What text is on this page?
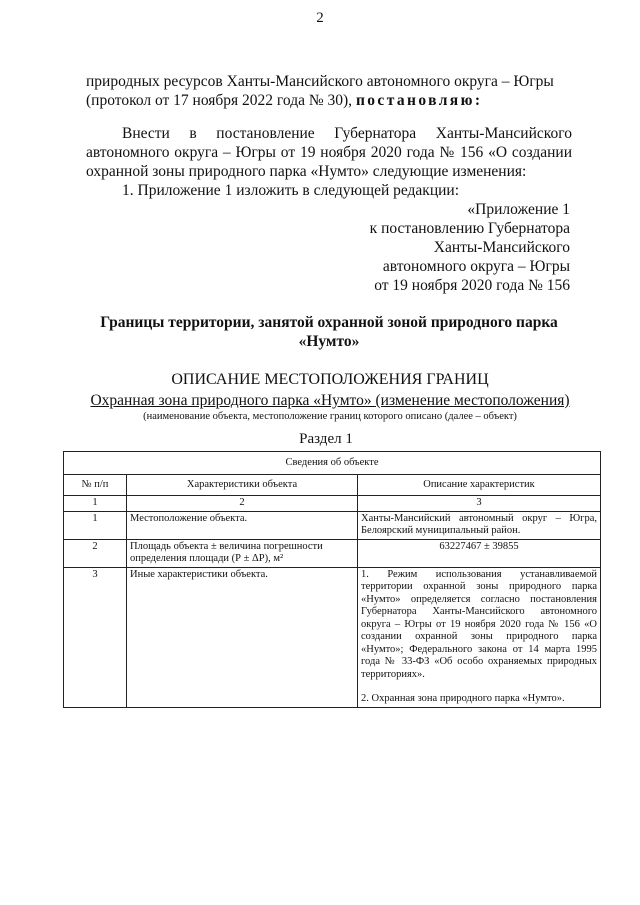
2

природных ресурсов Ханты-Мансийского автономного округа – Югры
(протокол от 17 ноября 2022 года № 30), постановляю:

Внести в постановление Губернатора Ханты-Мансийского автономного округа – Югры от 19 ноября 2020 года № 156 «О создании охранной зоны природного парка «Нумто» следующие изменения:

1. Приложение 1 изложить в следующей редакции:

«Приложение 1
к постановлению Губернатора
Ханты-Мансийского
автономного округа – Югры
от 19 ноября 2020 года № 156
Границы территории, занятой охранной зоной природного парка
«Нумто»
ОПИСАНИЕ МЕСТОПОЛОЖЕНИЯ ГРАНИЦ
Охранная зона природного парка «Нумто» (изменение местоположения)
(наименование объекта, местоположение границ которого описано (далее – объект)
Раздел 1
Сведения об объекте		
№ п/п	Характеристики объекта	Описание характеристик
1	2	3
1	Местоположение объекта.	Ханты-Мансийский автономный округ – Югра, Белоярский муниципальный район.
2	Площадь объекта ± величина погрешности определения площади (Р ± ΔР), м²	63227467 ± 39855
3	Иные характеристики объекта.	1. Режим использования устанавливаемой территории охранной зоны природного парка «Нумто» определяется согласно постановления Губернатора Ханты-Мансийского автономного округа – Югры от 19 ноября 2020 года № 156 «О создании охранной зоны природного парка «Нумто»; Федерального закона от 14 марта 1995 года № 33-ФЗ «Об особо охраняемых природных территориях».
2. Охранная зона природного парка «Нумто».
